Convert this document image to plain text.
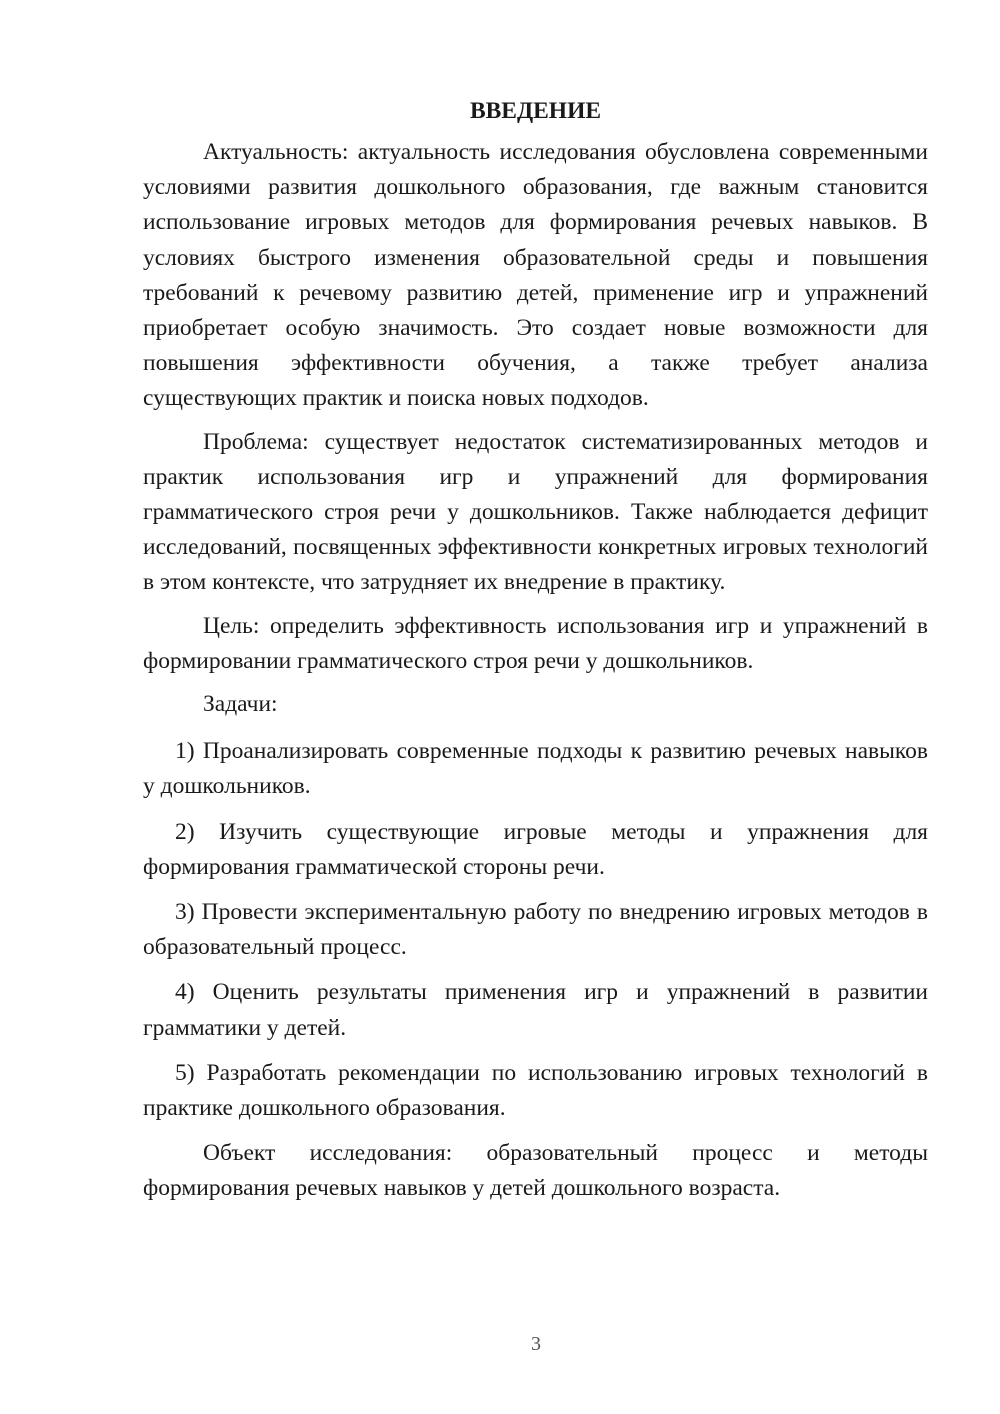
ВВЕДЕНИЕ

Актуальность: актуальность исследования обусловлена современными условиями развития дошкольного образования, где важным становится использование игровых методов для формирования речевых навыков. В условиях быстрого изменения образовательной среды и повышения требований к речевому развитию детей, применение игр и упражнений приобретает особую значимость. Это создает новые возможности для повышения эффективности обучения, а также требует анализа существующих практик и поиска новых подходов.

Проблема: существует недостаток систематизированных методов и практик использования игр и упражнений для формирования грамматического строя речи у дошкольников. Также наблюдается дефицит исследований, посвященных эффективности конкретных игровых технологий в этом контексте, что затрудняет их внедрение в практику.

Цель: определить эффективность использования игр и упражнений в формировании грамматического строя речи у дошкольников.

Задачи:

1) Проанализировать современные подходы к развитию речевых навыков у дошкольников.

2) Изучить существующие игровые методы и упражнения для формирования грамматической стороны речи.

3) Провести экспериментальную работу по внедрению игровых методов в образовательный процесс.

4) Оценить результаты применения игр и упражнений в развитии грамматики у детей.

5) Разработать рекомендации по использованию игровых технологий в практике дошкольного образования.

Объект исследования: образовательный процесс и методы формирования речевых навыков у детей дошкольного возраста.

3
